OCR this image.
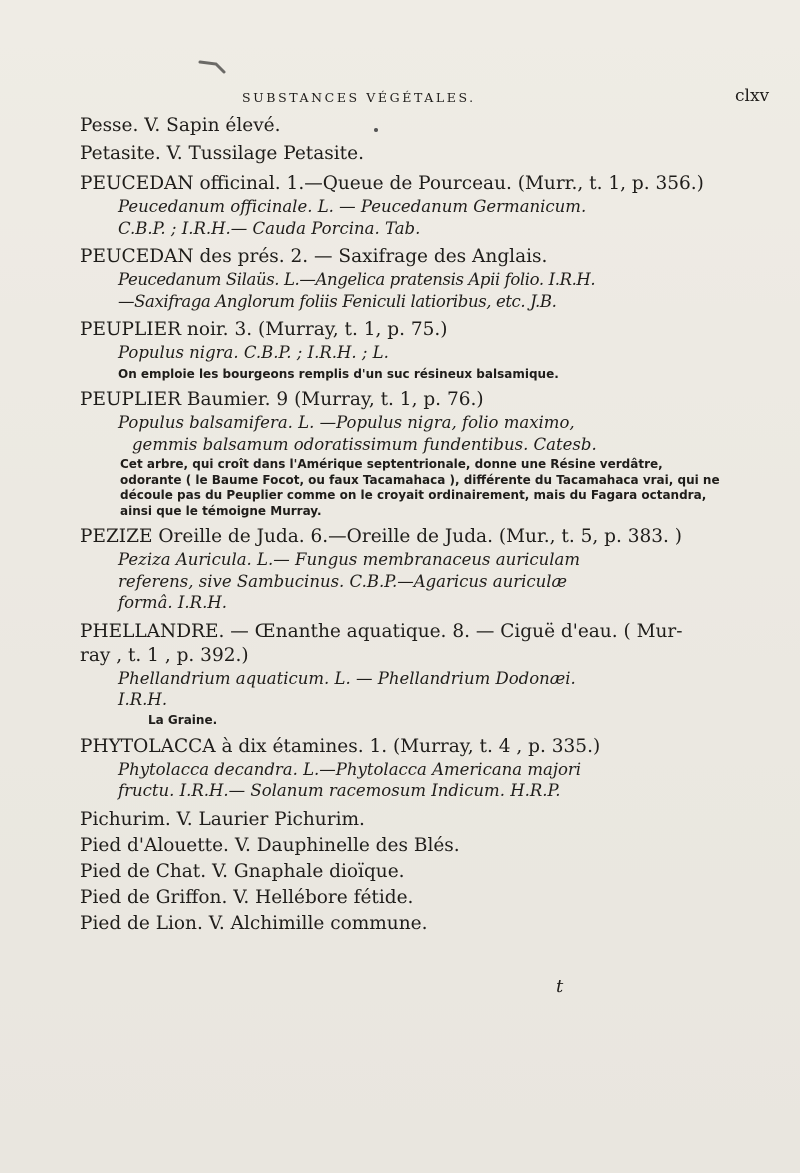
SUBSTANCES VÉGÉTALES.	clxv
Pesse. V. Sapin élevé.
Petasite. V. Tussilage Petasite.
PEUCEDAN officinal. 1.—Queue de Pourceau. (Murr., t. 1, p. 356.)
Peucedanum officinale. L. — Peucedanum Germanicum.
C.B.P. ; I.R.H.— Cauda Porcina. Tab.
PEUCEDAN des prés. 2. — Saxifrage des Anglais.
Peucedanum Silaüs. L.—Angelica pratensis Apii folio. I.R.H.
—Saxifraga Anglorum foliis Feniculi latioribus, etc. J.B.
PEUPLIER noir. 3. (Murray, t. 1, p. 75.)
Populus nigra. C.B.P. ; I.R.H. ; L.
On emploie les bourgeons remplis d'un suc résineux balsamique.
PEUPLIER Baumier. 9 (Murray, t. 1, p. 76.)
Populus balsamifera. L. —Populus nigra, folio maximo,
gemmis balsamum odoratissimum fundentibus. Catesb.
Cet arbre, qui croît dans l'Amérique septentrionale, donne une Résine verdâtre, odorante ( le Baume Focot, ou faux Tacamahaca ), différente du Tacamahaca vrai, qui ne découle pas du Peuplier comme on le croyait ordinairement, mais du Fagara octandra, ainsi que le témoigne Murray.
PEZIZE Oreille de Juda. 6.—Oreille de Juda. (Mur., t. 5, p. 383. )
Peziza Auricula. L.— Fungus membranaceus auriculam
referens, sive Sambucinus. C.B.P.—Agaricus auriculæ
formâ. I.R.H.
PHELLANDRE. — Œnanthe aquatique. 8. — Ciguë d'eau. ( Mur-
ray , t. 1 , p. 392.)
Phellandrium aquaticum. L. — Phellandrium Dodonæi.
I.R.H.
La Graine.
PHYTOLACCA à dix étamines. 1. (Murray, t. 4 , p. 335.)
Phytolacca decandra. L.—Phytolacca Americana majori
fructu. I.R.H.— Solanum racemosum Indicum. H.R.P.
Pichurim. V. Laurier Pichurim.
Pied d'Alouette. V. Dauphinelle des Blés.
Pied de Chat. V. Gnaphale dioïque.
Pied de Griffon. V. Hellébore fétide.
Pied de Lion. V. Alchimille commune.
t
